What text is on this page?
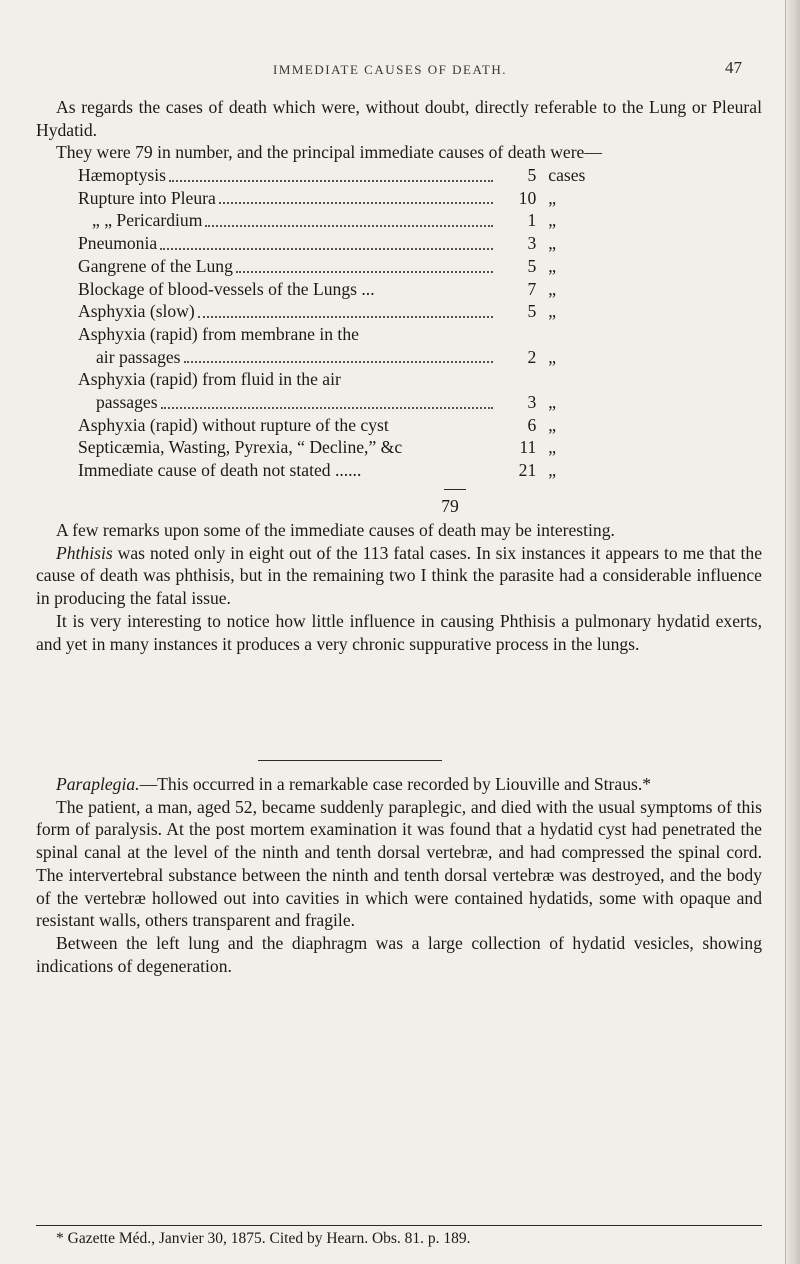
IMMEDIATE CAUSES OF DEATH.	47

As regards the cases of death which were, without doubt, directly referable to the Lung or Pleural Hydatid.

They were 79 in number, and the principal immediate causes of death were—

Hæmoptysis	5 cases
Rupture into Pleura	10 „
„ „ Pericardium	1 „
Pneumonia	3 „
Gangrene of the Lung	5 „
Blockage of blood-vessels of the Lungs ...	7 „
Asphyxia (slow)	5 „
Asphyxia (rapid) from membrane in the
air passages	2 „
Asphyxia (rapid) from fluid in the air
passages	3 „
Asphyxia (rapid) without rupture of the cyst	6 „
Septicæmia, Wasting, Pyrexia, “ Decline,” &c	11 „
Immediate cause of death not stated ......	21 „
79

A few remarks upon some of the immediate causes of death may be interesting.

Phthisis was noted only in eight out of the 113 fatal cases. In six instances it appears to me that the cause of death was phthisis, but in the remaining two I think the parasite had a considerable influence in producing the fatal issue.

It is very interesting to notice how little influence in causing Phthisis a pulmonary hydatid exerts, and yet in many instances it produces a very chronic suppurative process in the lungs.

Paraplegia.—This occurred in a remarkable case recorded by Liouville and Straus.*

The patient, a man, aged 52, became suddenly paraplegic, and died with the usual symptoms of this form of paralysis. At the post mortem examination it was found that a hydatid cyst had penetrated the spinal canal at the level of the ninth and tenth dorsal vertebræ, and had compressed the spinal cord. The intervertebral substance between the ninth and tenth dorsal vertebræ was destroyed, and the body of the vertebræ hollowed out into cavities in which were contained hydatids, some with opaque and resistant walls, others transparent and fragile.

Between the left lung and the diaphragm was a large collection of hydatid vesicles, showing indications of degeneration.

* Gazette Méd., Janvier 30, 1875. Cited by Hearn. Obs. 81. p. 189.
